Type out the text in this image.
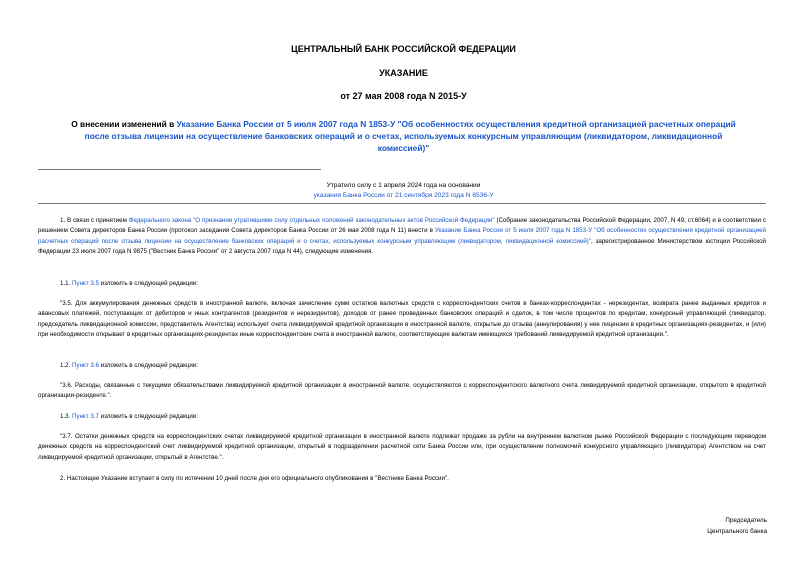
ЦЕНТРАЛЬНЫЙ БАНК РОССИЙСКОЙ ФЕДЕРАЦИИ
УКАЗАНИЕ
от 27 мая 2008 года N 2015-У
О внесении изменений в Указание Банка России от 5 июля 2007 года N 1853-У "Об особенностях осуществления кредитной организацией расчетных операций после отзыва лицензии на осуществление банковских операций и о счетах, используемых конкурсным управляющим (ликвидатором, ликвидационной комиссией)"
Утратило силу с 1 апреля 2024 года на основании
указания Банка России от 21 сентября 2023 года N 6536-У
1. В связи с принятием Федерального закона "О признании утратившими силу отдельных положений законодательных актов Российской Федерации" (Собрание законодательства Российской Федерации, 2007, N 49, ст.6064) и в соответствии с решением Совета директоров Банка России (протокол заседания Совета директоров Банка России от 26 мая 2008 года N 11) внести в Указание Банка России от 5 июля 2007 года N 1853-У "Об особенностях осуществления кредитной организацией расчетных операций после отзыва лицензии на осуществление банковских операций и о счетах, используемых конкурсным управляющим (ликвидатором, ликвидационной комиссией)", зарегистрированное Министерством юстиции Российской Федерации 23 июля 2007 года N 9875 ("Вестник Банка России" от 2 августа 2007 года N 44), следующие изменения.
1.1. Пункт 3.5 изложить в следующей редакции:
"3.5. Для аккумулирования денежных средств в иностранной валюте, включая зачисление сумм остатков валютных средств с корреспондентских счетов в банках-корреспондентах - нерезидентах, возврата ранее выданных кредитов и авансовых платежей, поступающих от дебиторов и иных контрагентов (резидентов и нерезидентов), доходов от ранее проведенных банковских операций и сделок, в том числе процентов по кредитам, конкурсный управляющий (ликвидатор, председатель ликвидационной комиссии, представитель Агентства) использует счета ликвидируемой кредитной организации в иностранной валюте, открытые до отзыва (аннулирования) у нее лицензии в кредитных организациях-резидентах, и (или) при необходимости открывает в кредитных организациях-резидентах иные корреспондентские счета в иностранной валюте, соответствующие валютам имеющихся требований ликвидируемой кредитной организации.".
1.2. Пункт 3.6 изложить в следующей редакции:
"3.6. Расходы, связанные с текущими обязательствами ликвидируемой кредитной организации в иностранной валюте, осуществляются с корреспондентского валютного счета ликвидируемой кредитной организации, открытого в кредитной организации-резиденте.".
1.3. Пункт 3.7 изложить в следующей редакции:
"3.7. Остатки денежных средств на корреспондентских счетах ликвидируемой кредитной организации в иностранной валюте подлежат продаже за рубли на внутреннем валютном рынке Российской Федерации с последующим переводом денежных средств на корреспондентский счет ликвидируемой кредитной организации, открытый в подразделении расчетной сети Банка России или, при осуществлении полномочий конкурсного управляющего (ликвидатора) Агентством на счет ликвидируемой кредитной организации, открытый в Агентстве.".
2. Настоящее Указание вступает в силу по истечении 10 дней после дня его официального опубликования в "Вестнике Банка России".
Председатель
Центрального банка
